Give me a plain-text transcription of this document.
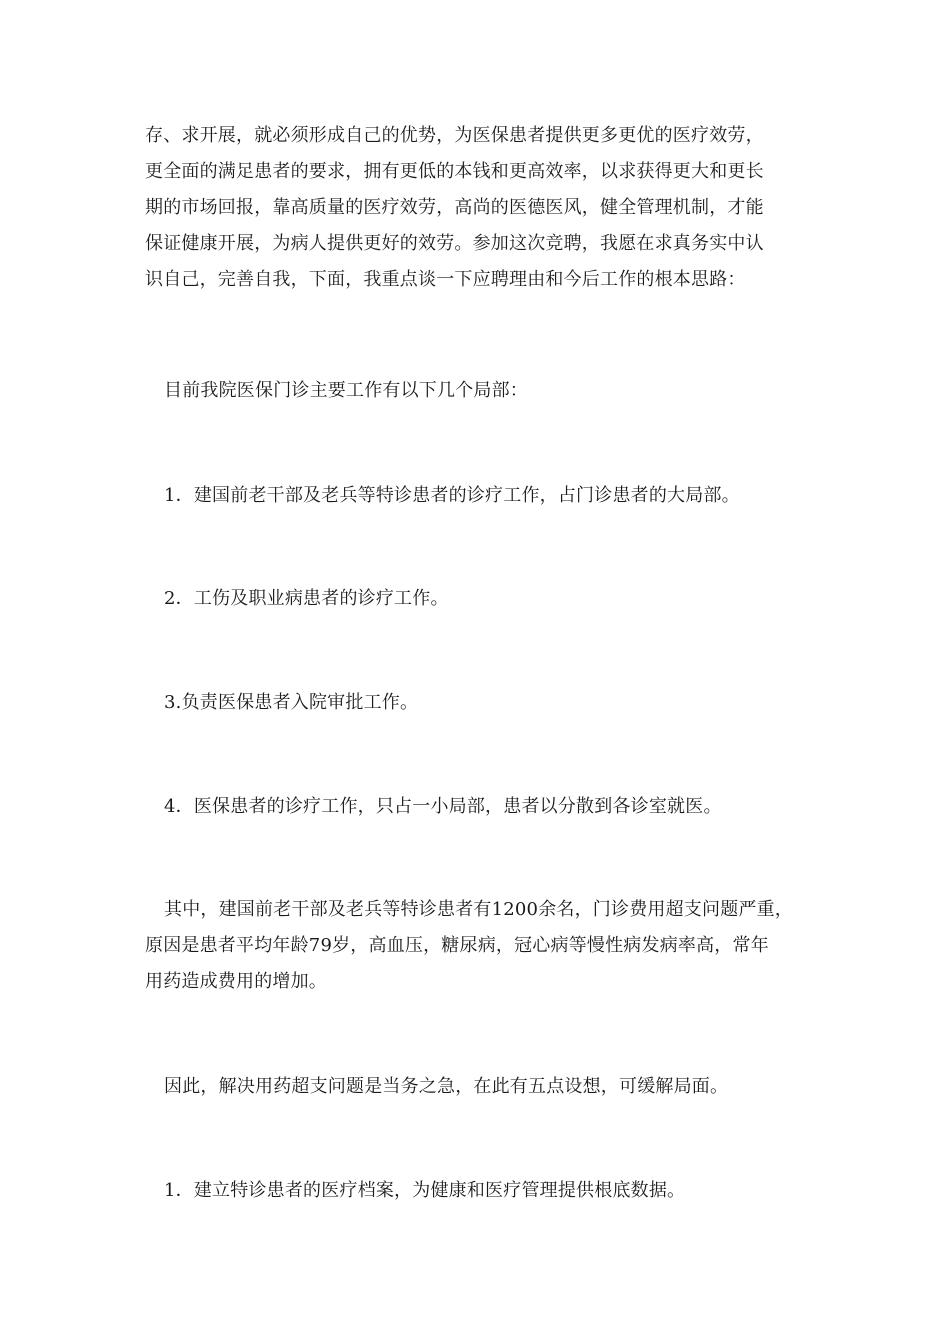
存、求开展，就必须形成自己的优势，为医保患者提供更多更优的医疗效劳，
更全面的满足患者的要求，拥有更低的本钱和更高效率，以求获得更大和更长
期的市场回报，靠高质量的医疗效劳，高尚的医德医风，健全管理机制，才能
保证健康开展，为病人提供更好的效劳。参加这次竞聘，我愿在求真务实中认
识自己，完善自我，下面，我重点谈一下应聘理由和今后工作的根本思路：
目前我院医保门诊主要工作有以下几个局部：
1．建国前老干部及老兵等特诊患者的诊疗工作，占门诊患者的大局部。
2．工伤及职业病患者的诊疗工作。
3.负责医保患者入院审批工作。
4．医保患者的诊疗工作，只占一小局部，患者以分散到各诊室就医。
其中，建国前老干部及老兵等特诊患者有1200余名，门诊费用超支问题严重，
原因是患者平均年龄79岁，高血压，糖尿病，冠心病等慢性病发病率高，常年
用药造成费用的增加。
因此，解决用药超支问题是当务之急，在此有五点设想，可缓解局面。
1．建立特诊患者的医疗档案，为健康和医疗管理提供根底数据。
